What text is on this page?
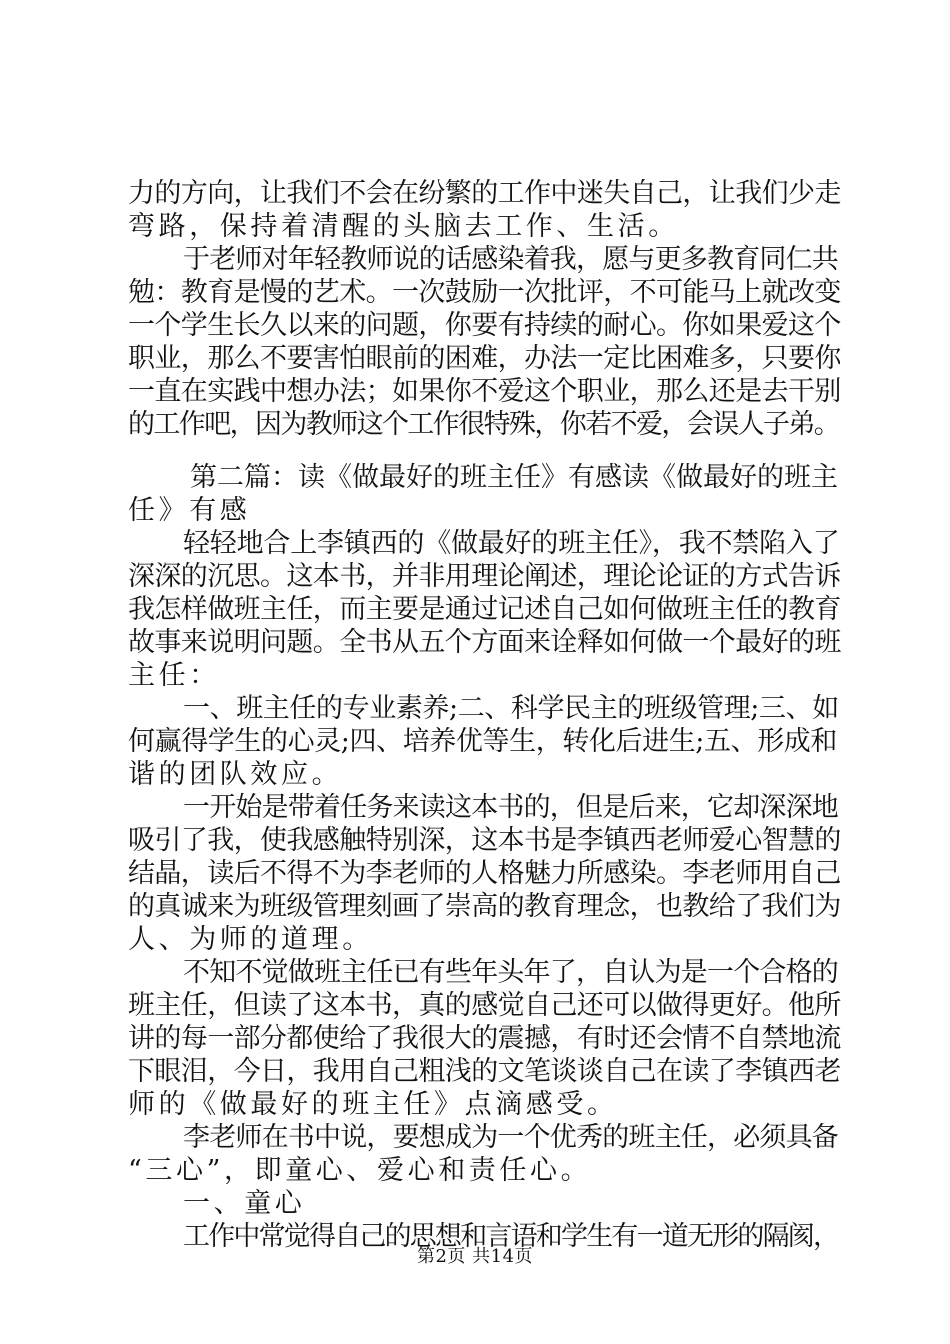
力的方向，让我们不会在纷繁的工作中迷失自己，让我们少走
弯路，保持着清醒的头脑去工作、生活。
于老师对年轻教师说的话感染着我，愿与更多教育同仁共
勉：教育是慢的艺术。一次鼓励一次批评，不可能马上就改变
一个学生长久以来的问题，你要有持续的耐心。你如果爱这个
职业，那么不要害怕眼前的困难，办法一定比困难多，只要你
一直在实践中想办法；如果你不爱这个职业，那么还是去干别
的工作吧，因为教师这个工作很特殊，你若不爱，会误人子弟。
第二篇：读《做最好的班主任》有感读《做最好的班主
任》有感
轻轻地合上李镇西的《做最好的班主任》，我不禁陷入了
深深的沉思。这本书，并非用理论阐述，理论论证的方式告诉
我怎样做班主任，而主要是通过记述自己如何做班主任的教育
故事来说明问题。全书从五个方面来诠释如何做一个最好的班
主任：
一、班主任的专业素养;二、科学民主的班级管理;三、如
何赢得学生的心灵;四、培养优等生，转化后进生;五、形成和
谐的团队效应。
一开始是带着任务来读这本书的，但是后来，它却深深地
吸引了我，使我感触特别深，这本书是李镇西老师爱心智慧的
结晶，读后不得不为李老师的人格魅力所感染。李老师用自己
的真诚来为班级管理刻画了崇高的教育理念，也教给了我们为
人、为师的道理。
不知不觉做班主任已有些年头年了，自认为是一个合格的
班主任，但读了这本书，真的感觉自己还可以做得更好。他所
讲的每一部分都使给了我很大的震撼，有时还会情不自禁地流
下眼泪，今日，我用自己粗浅的文笔谈谈自己在读了李镇西老
师的《做最好的班主任》点滴感受。
李老师在书中说，要想成为一个优秀的班主任，必须具备
“三心”，即童心、爱心和责任心。
一、童心
工作中常觉得自己的思想和言语和学生有一道无形的隔阂，
第2页 共14页
